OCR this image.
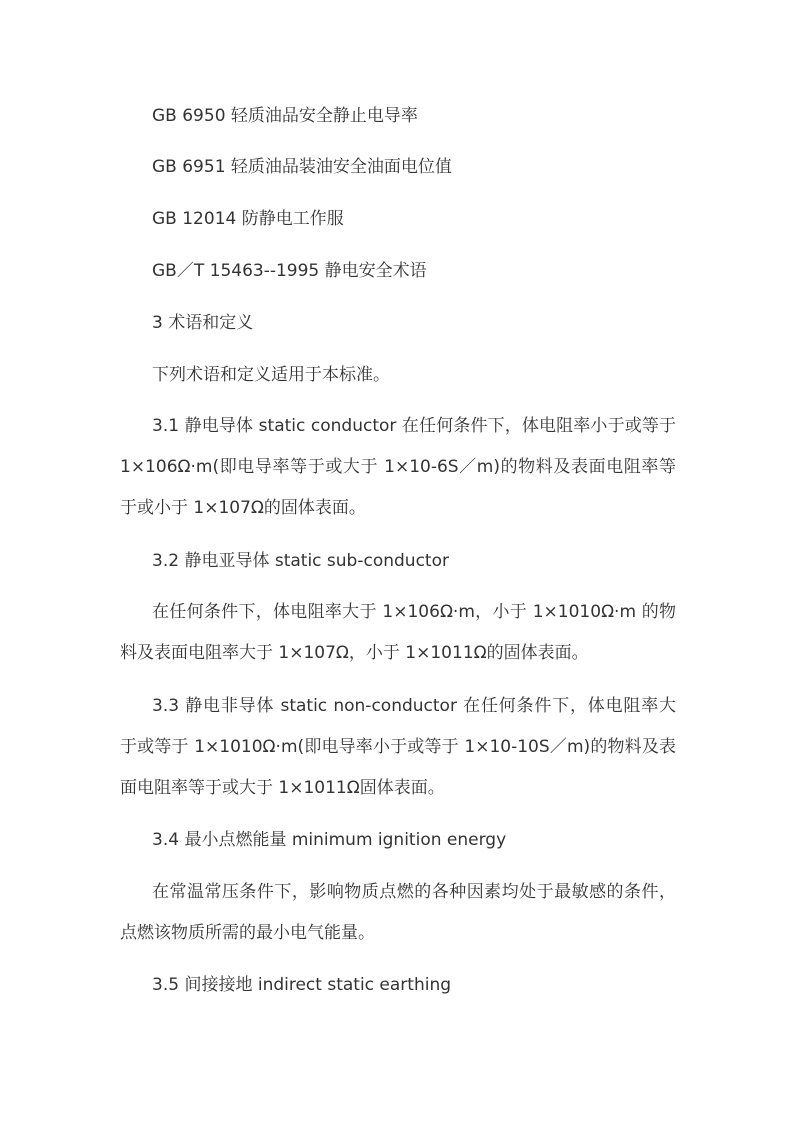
GB 6950 轻质油品安全静止电导率

GB 6951 轻质油品装油安全油面电位值

GB 12014 防静电工作服

GB／T 15463--1995 静电安全术语

3 术语和定义

下列术语和定义适用于本标准。

3.1 静电导体 static conductor 在任何条件下，体电阻率小于或等于 1×106Ω·m(即电导率等于或大于 1×10-6S／m)的物料及表面电阻率等于或小于 1×107Ω的固体表面。

3.2 静电亚导体 static sub-conductor

在任何条件下，体电阻率大于 1×106Ω·m，小于 1×1010Ω·m 的物料及表面电阻率大于 1×107Ω，小于 1×1011Ω的固体表面。

3.3 静电非导体 static non-conductor 在任何条件下，体电阻率大于或等于 1×1010Ω·m(即电导率小于或等于 1×10-10S／m)的物料及表面电阻率等于或大于 1×1011Ω固体表面。

3.4 最小点燃能量 minimum ignition energy

在常温常压条件下，影响物质点燃的各种因素均处于最敏感的条件，点燃该物质所需的最小电气能量。

3.5 间接接地 indirect static earthing
